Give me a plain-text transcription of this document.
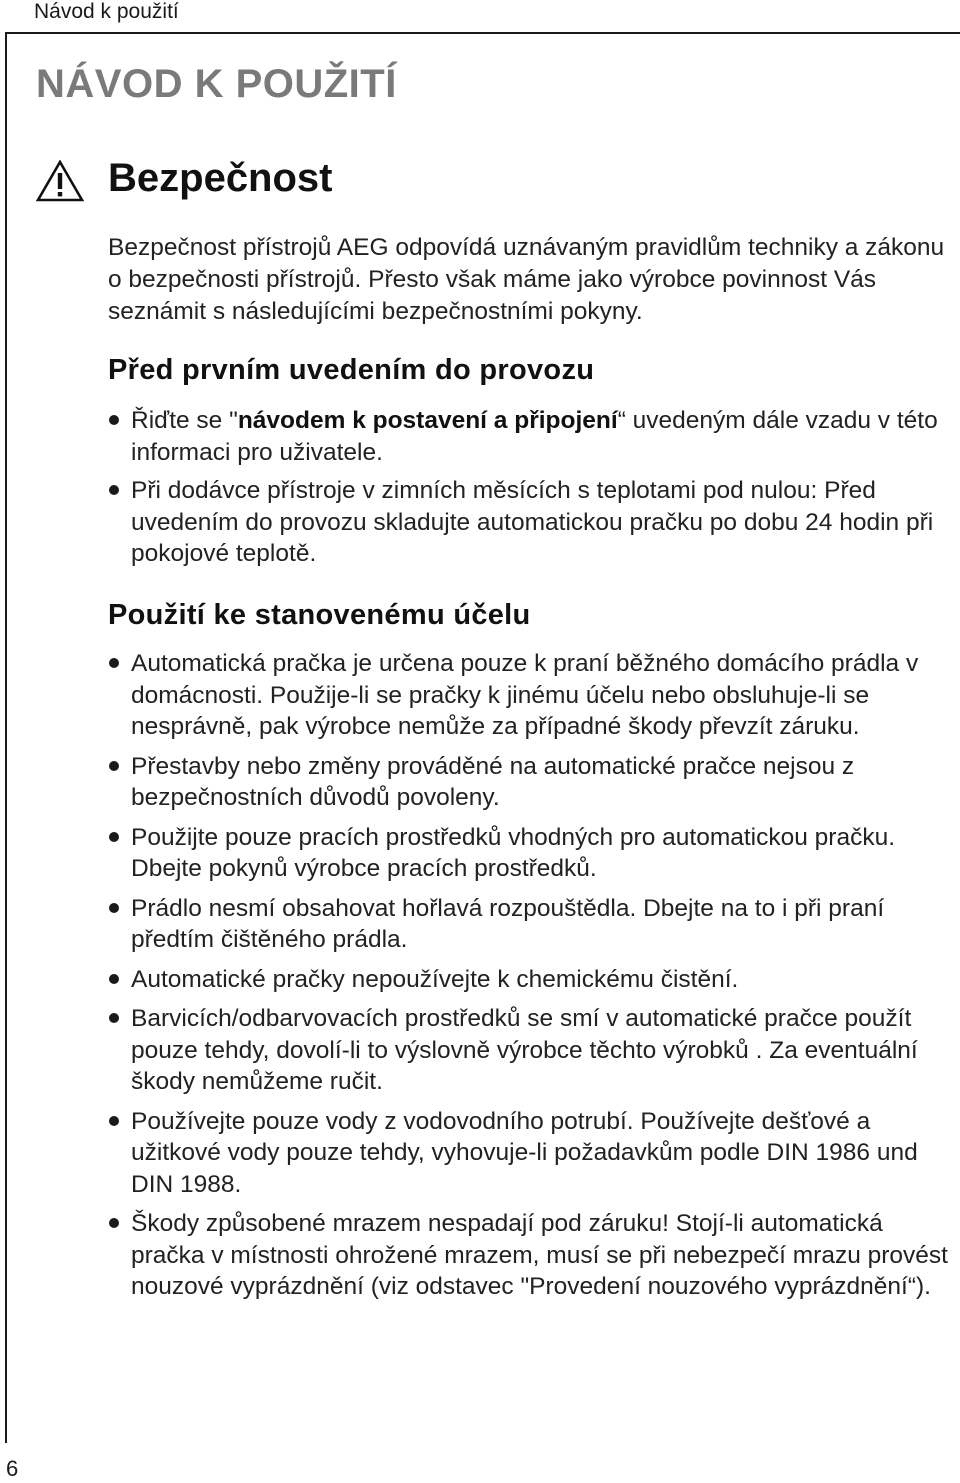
Návod k použití
NÁVOD K POUŽITÍ
Bezpečnost

Bezpečnost přístrojů AEG odpovídá uznávaným pravidlům techniky a zákonu o bezpečnosti přístrojů. Přesto však máme jako výrobce povinnost Vás seznámit s následujícími bezpečnostními pokyny.

Před prvním uvedením do provozu
Řiďte se "návodem k postavení a připojení“ uvedeným dále vzadu v této informaci pro uživatele.
Při dodávce přístroje v zimních měsících s teplotami pod nulou: Před uvedením do provozu skladujte automatickou pračku po dobu 24 hodin při pokojové teplotě.
Použití ke stanovenému účelu
Automatická pračka je určena pouze k praní běžného domácího prádla v domácnosti. Použije-li se pračky k jinému účelu nebo obsluhuje-li se nesprávně, pak výrobce nemůže za případné škody převzít záruku.
Přestavby nebo změny prováděné na automatické pračce nejsou z bezpečnostních důvodů povoleny.
Použijte pouze pracích prostředků vhodných pro automatickou pračku. Dbejte pokynů výrobce pracích prostředků.
Prádlo nesmí obsahovat hořlavá rozpouštědla. Dbejte na to i při praní předtím čištěného prádla.
Automatické pračky nepoužívejte k chemickému čistění.
Barvicích/odbarvovacích prostředků se smí v automatické pračce použít pouze tehdy, dovolí-li to výslovně výrobce těchto výrobků . Za eventuální škody nemůžeme ručit.
Používejte pouze vody z vodovodního potrubí. Používejte dešťové a užitkové vody pouze tehdy, vyhovuje-li požadavkům podle DIN 1986 und DIN 1988.
Škody způsobené mrazem nespadají pod záruku! Stojí-li automatická pračka v místnosti ohrožené mrazem, musí se při nebezpečí mrazu provést nouzové vyprázdnění (viz odstavec "Provedení nouzového vyprázdnění“).
6
